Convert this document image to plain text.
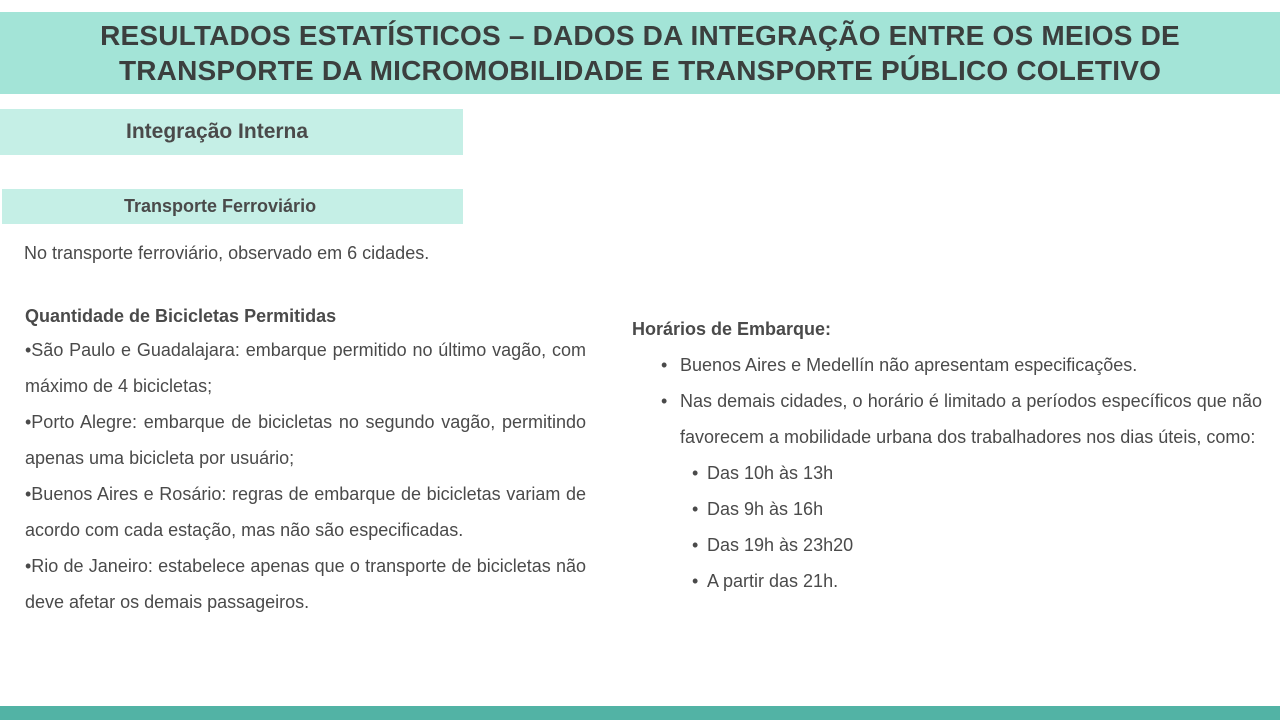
RESULTADOS ESTATÍSTICOS – DADOS DA INTEGRAÇÃO ENTRE OS MEIOS DE TRANSPORTE DA MICROMOBILIDADE E TRANSPORTE PÚBLICO COLETIVO
Integração Interna
Transporte Ferroviário
No transporte ferroviário, observado em 6 cidades.

Quantidade de Bicicletas Permitidas

•São Paulo e Guadalajara: embarque permitido no último vagão, com máximo de 4 bicicletas;

•Porto Alegre: embarque de bicicletas no segundo vagão, permitindo apenas uma bicicleta por usuário;

•Buenos Aires e Rosário: regras de embarque de bicicletas variam de acordo com cada estação, mas não são especificadas.

•Rio de Janeiro: estabelece apenas que o transporte de bicicletas não deve afetar os demais passageiros.

Horários de Embarque:

• Buenos Aires e Medellín não apresentam especificações.
• Nas demais cidades, o horário é limitado a períodos específicos que não favorecem a mobilidade urbana dos trabalhadores nos dias úteis, como:
• Das 10h às 13h
• Das 9h às 16h
• Das 19h às 23h20
• A partir das 21h.
